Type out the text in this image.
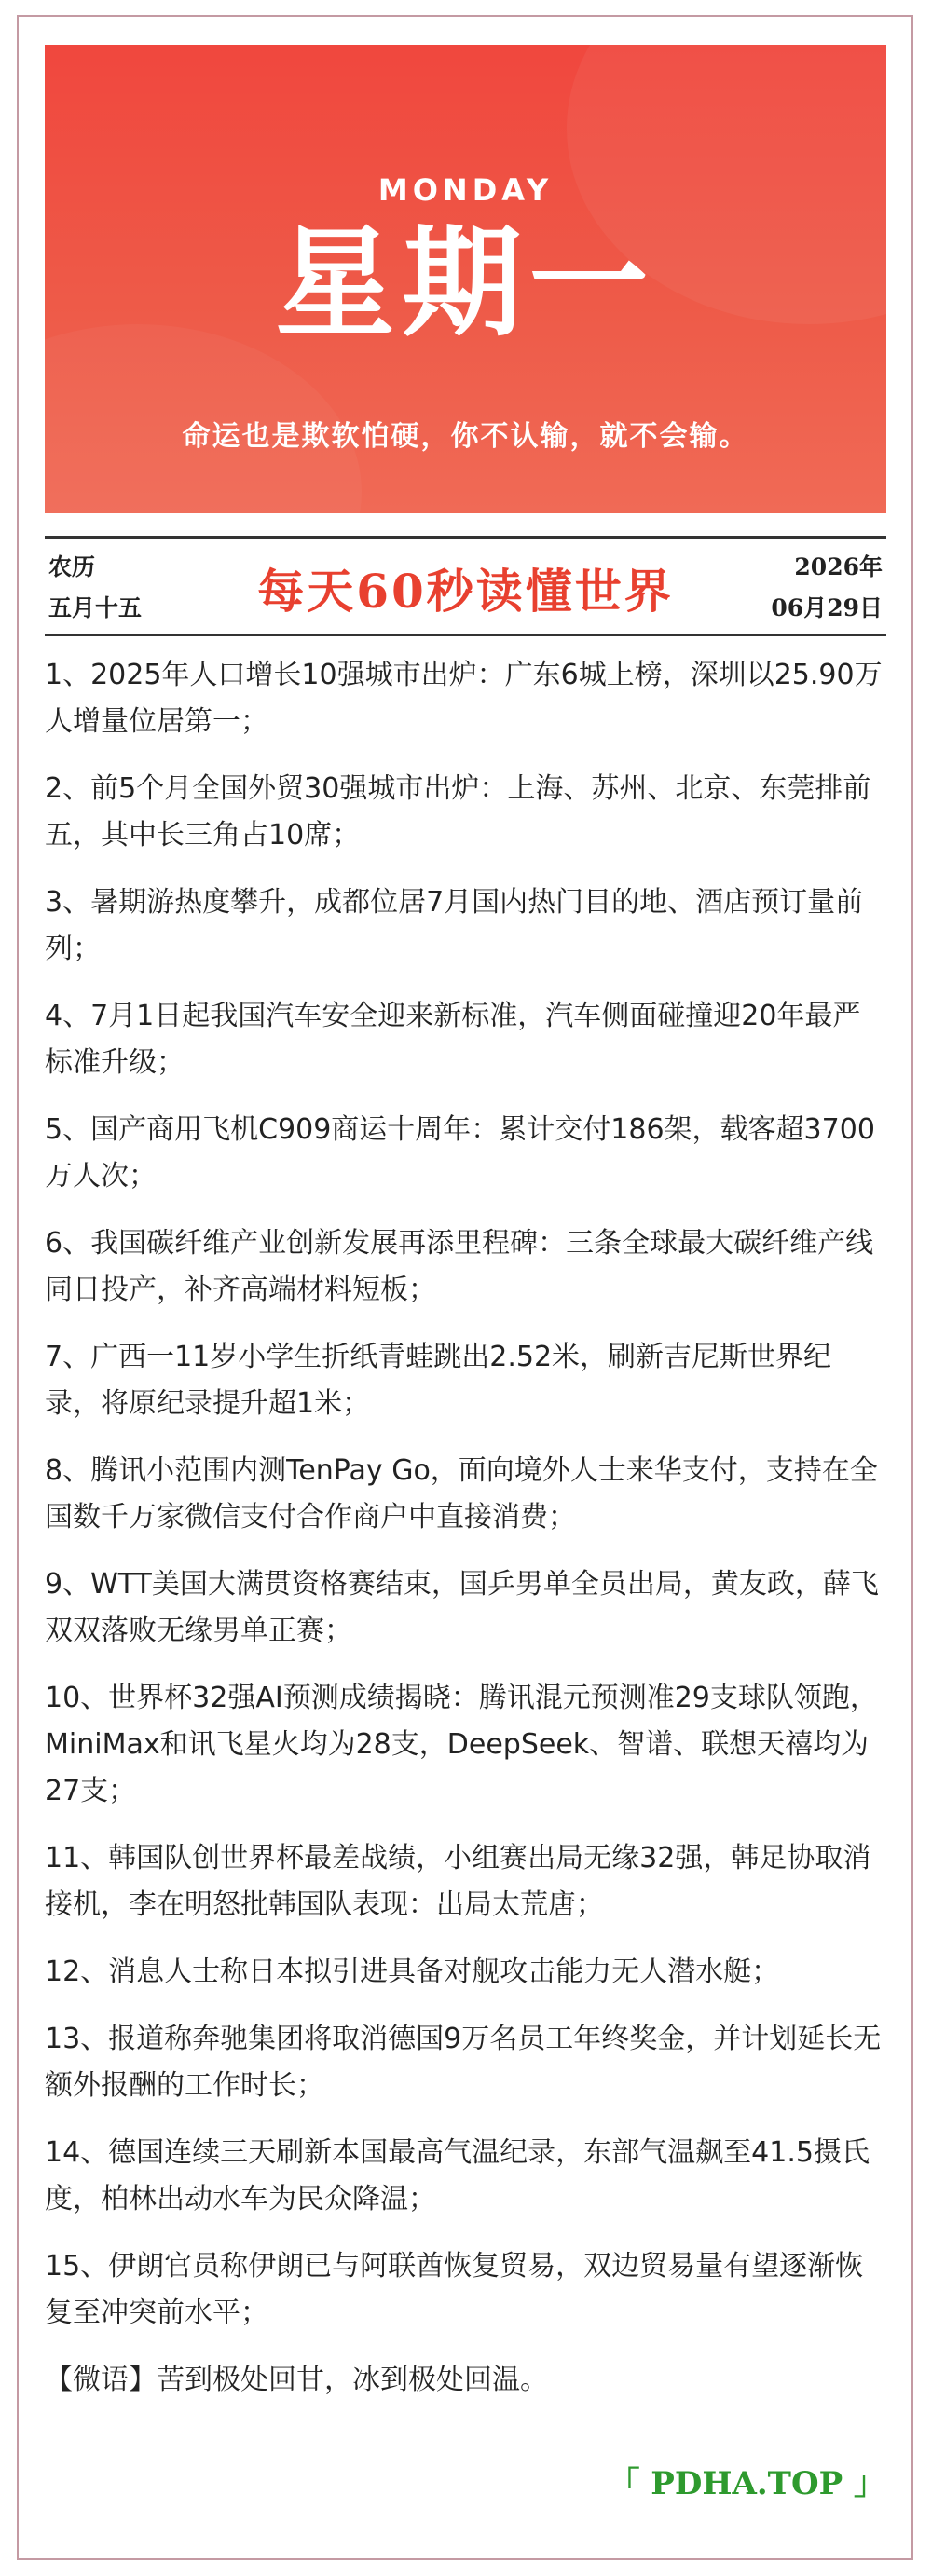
MONDAY
星期一
命运也是欺软怕硬，你不认输，就不会输。
农历
五月十五	每天60秒读懂世界	2026年
06月29日

1、2025年人口增长10强城市出炉：广东6城上榜，深圳以25.90万人增量位居第一；

2、前5个月全国外贸30强城市出炉：上海、苏州、北京、东莞排前五，其中长三角占10席；

3、暑期游热度攀升，成都位居7月国内热门目的地、酒店预订量前列；

4、7月1日起我国汽车安全迎来新标准，汽车侧面碰撞迎20年最严标准升级；

5、国产商用飞机C909商运十周年：累计交付186架，载客超3700万人次；

6、我国碳纤维产业创新发展再添里程碑：三条全球最大碳纤维产线同日投产，补齐高端材料短板；

7、广西一11岁小学生折纸青蛙跳出2.52米，刷新吉尼斯世界纪录，将原纪录提升超1米；

8、腾讯小范围内测TenPay Go，面向境外人士来华支付，支持在全国数千万家微信支付合作商户中直接消费；

9、WTT美国大满贯资格赛结束，国乒男单全员出局，黄友政，薛飞双双落败无缘男单正赛；

10、世界杯32强AI预测成绩揭晓：腾讯混元预测准29支球队领跑，MiniMax和讯飞星火均为28支，DeepSeek、智谱、联想天禧均为27支；

11、韩国队创世界杯最差战绩，小组赛出局无缘32强，韩足协取消接机，李在明怒批韩国队表现：出局太荒唐；

12、消息人士称日本拟引进具备对舰攻击能力无人潜水艇；

13、报道称奔驰集团将取消德国9万名员工年终奖金，并计划延长无额外报酬的工作时长；

14、德国连续三天刷新本国最高气温纪录，东部气温飙至41.5摄氏度，柏林出动水车为民众降温；

15、伊朗官员称伊朗已与阿联酋恢复贸易，双边贸易量有望逐渐恢复至冲突前水平；

【微语】苦到极处回甘，冰到极处回温。

「 PDHA.TOP 」
